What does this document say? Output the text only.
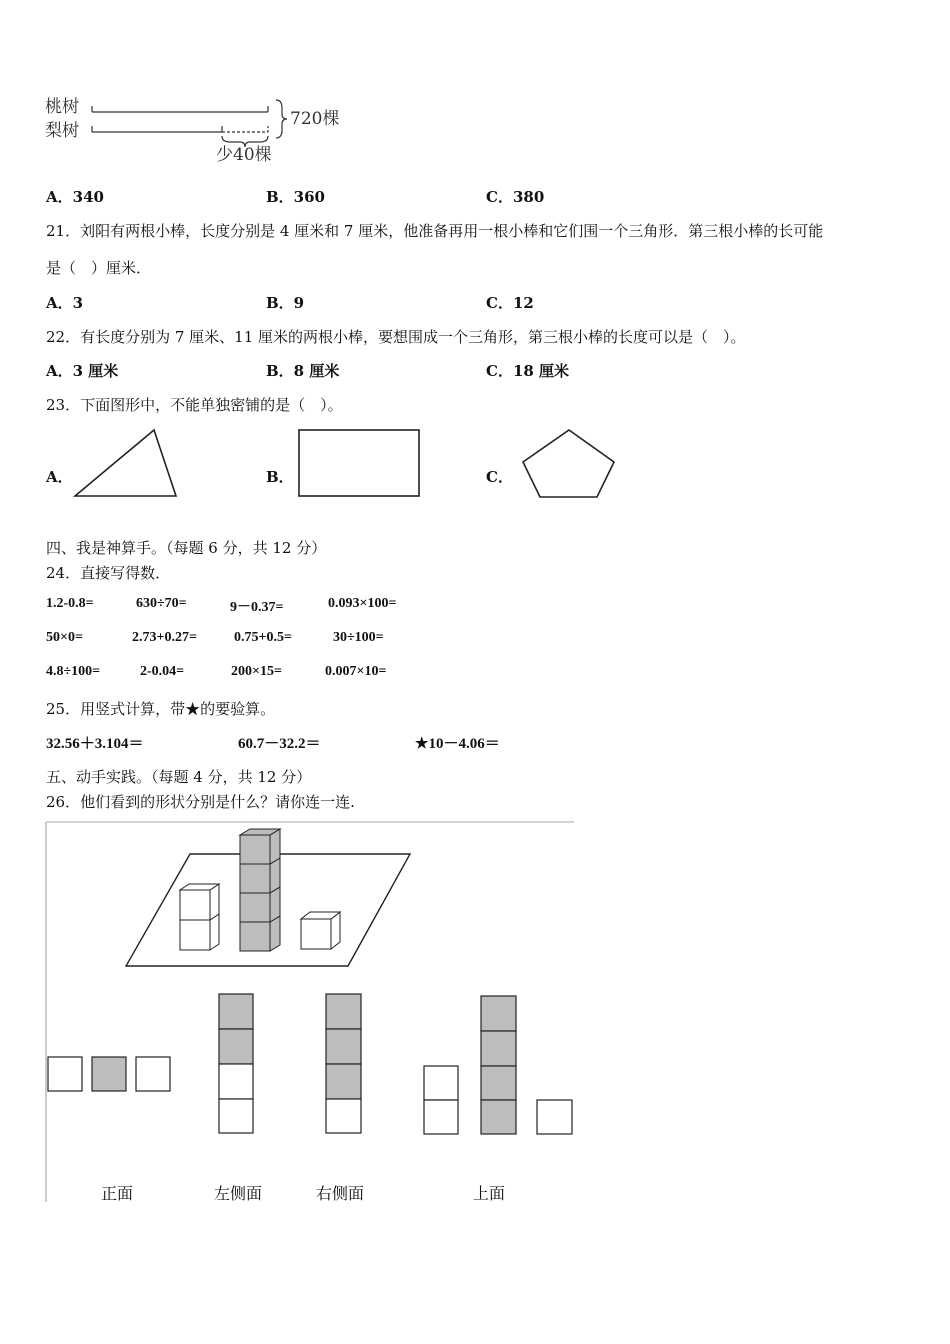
桃树
梨树
720棵
少40棵
A．340	B．360	C．380
21．刘阳有两根小棒，长度分别是 4 厘米和 7 厘米，他准备再用一根小棒和它们围一个三角形．第三根小棒的长可能
是（　）厘米．
A．3	B．9	C．12
22．有长度分别为 7 厘米、11 厘米的两根小棒，要想围成一个三角形，第三根小棒的长度可以是（　）。
A．3 厘米	B．8 厘米	C．18 厘米
23．下面图形中，不能单独密铺的是（　）。
A．	B．	C．
四、我是神算手。（每题 6 分，共 12 分）
24．直接写得数．
1.2-0.8=	630÷70=	9－0.37=	0.093×100=
50×0=	2.73+0.27=	0.75+0.5=	30÷100=
4.8÷100=	2-0.04=	200×15=	0.007×10=
25．用竖式计算，带★的要验算。
32.56＋3.104＝	60.7－32.2＝	★10－4.06＝
五、动手实践。（每题 4 分，共 12 分）
26．他们看到的形状分别是什么？请你连一连.
正面	左侧面	右侧面	上面
